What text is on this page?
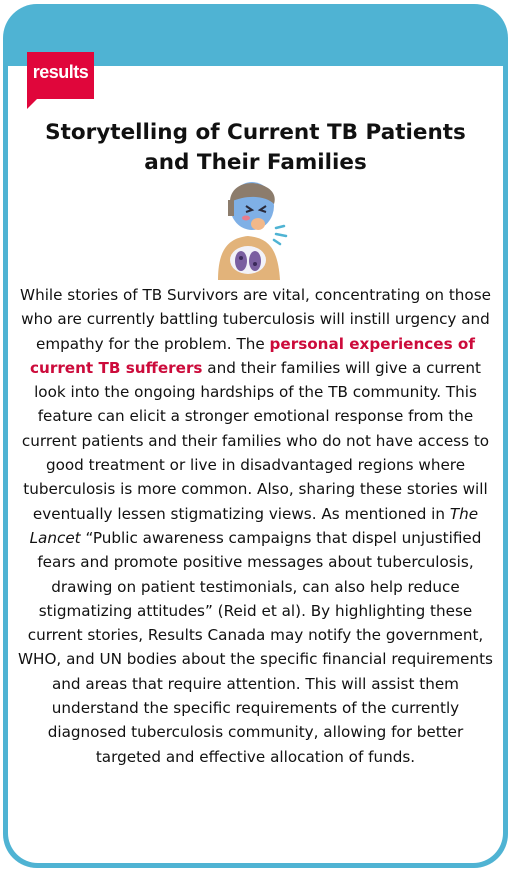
results
Storytelling of Current TB Patients and Their Families

While stories of TB Survivors are vital, concentrating on those who are currently battling tuberculosis will instill urgency and empathy for the problem. The personal experiences of current TB sufferers and their families will give a current look into the ongoing hardships of the TB community. This feature can elicit a stronger emotional response from the current patients and their families who do not have access to good treatment or live in disadvantaged regions where tuberculosis is more common. Also, sharing these stories will eventually lessen stigmatizing views. As mentioned in The Lancet “Public awareness campaigns that dispel unjustified fears and promote positive messages about tuberculosis, drawing on patient testimonials, can also help reduce stigmatizing attitudes” (Reid et al). By highlighting these current stories, Results Canada may notify the government, WHO, and UN bodies about the specific financial requirements and areas that require attention. This will assist them understand the specific requirements of the currently diagnosed tuberculosis community, allowing for better targeted and effective allocation of funds.
